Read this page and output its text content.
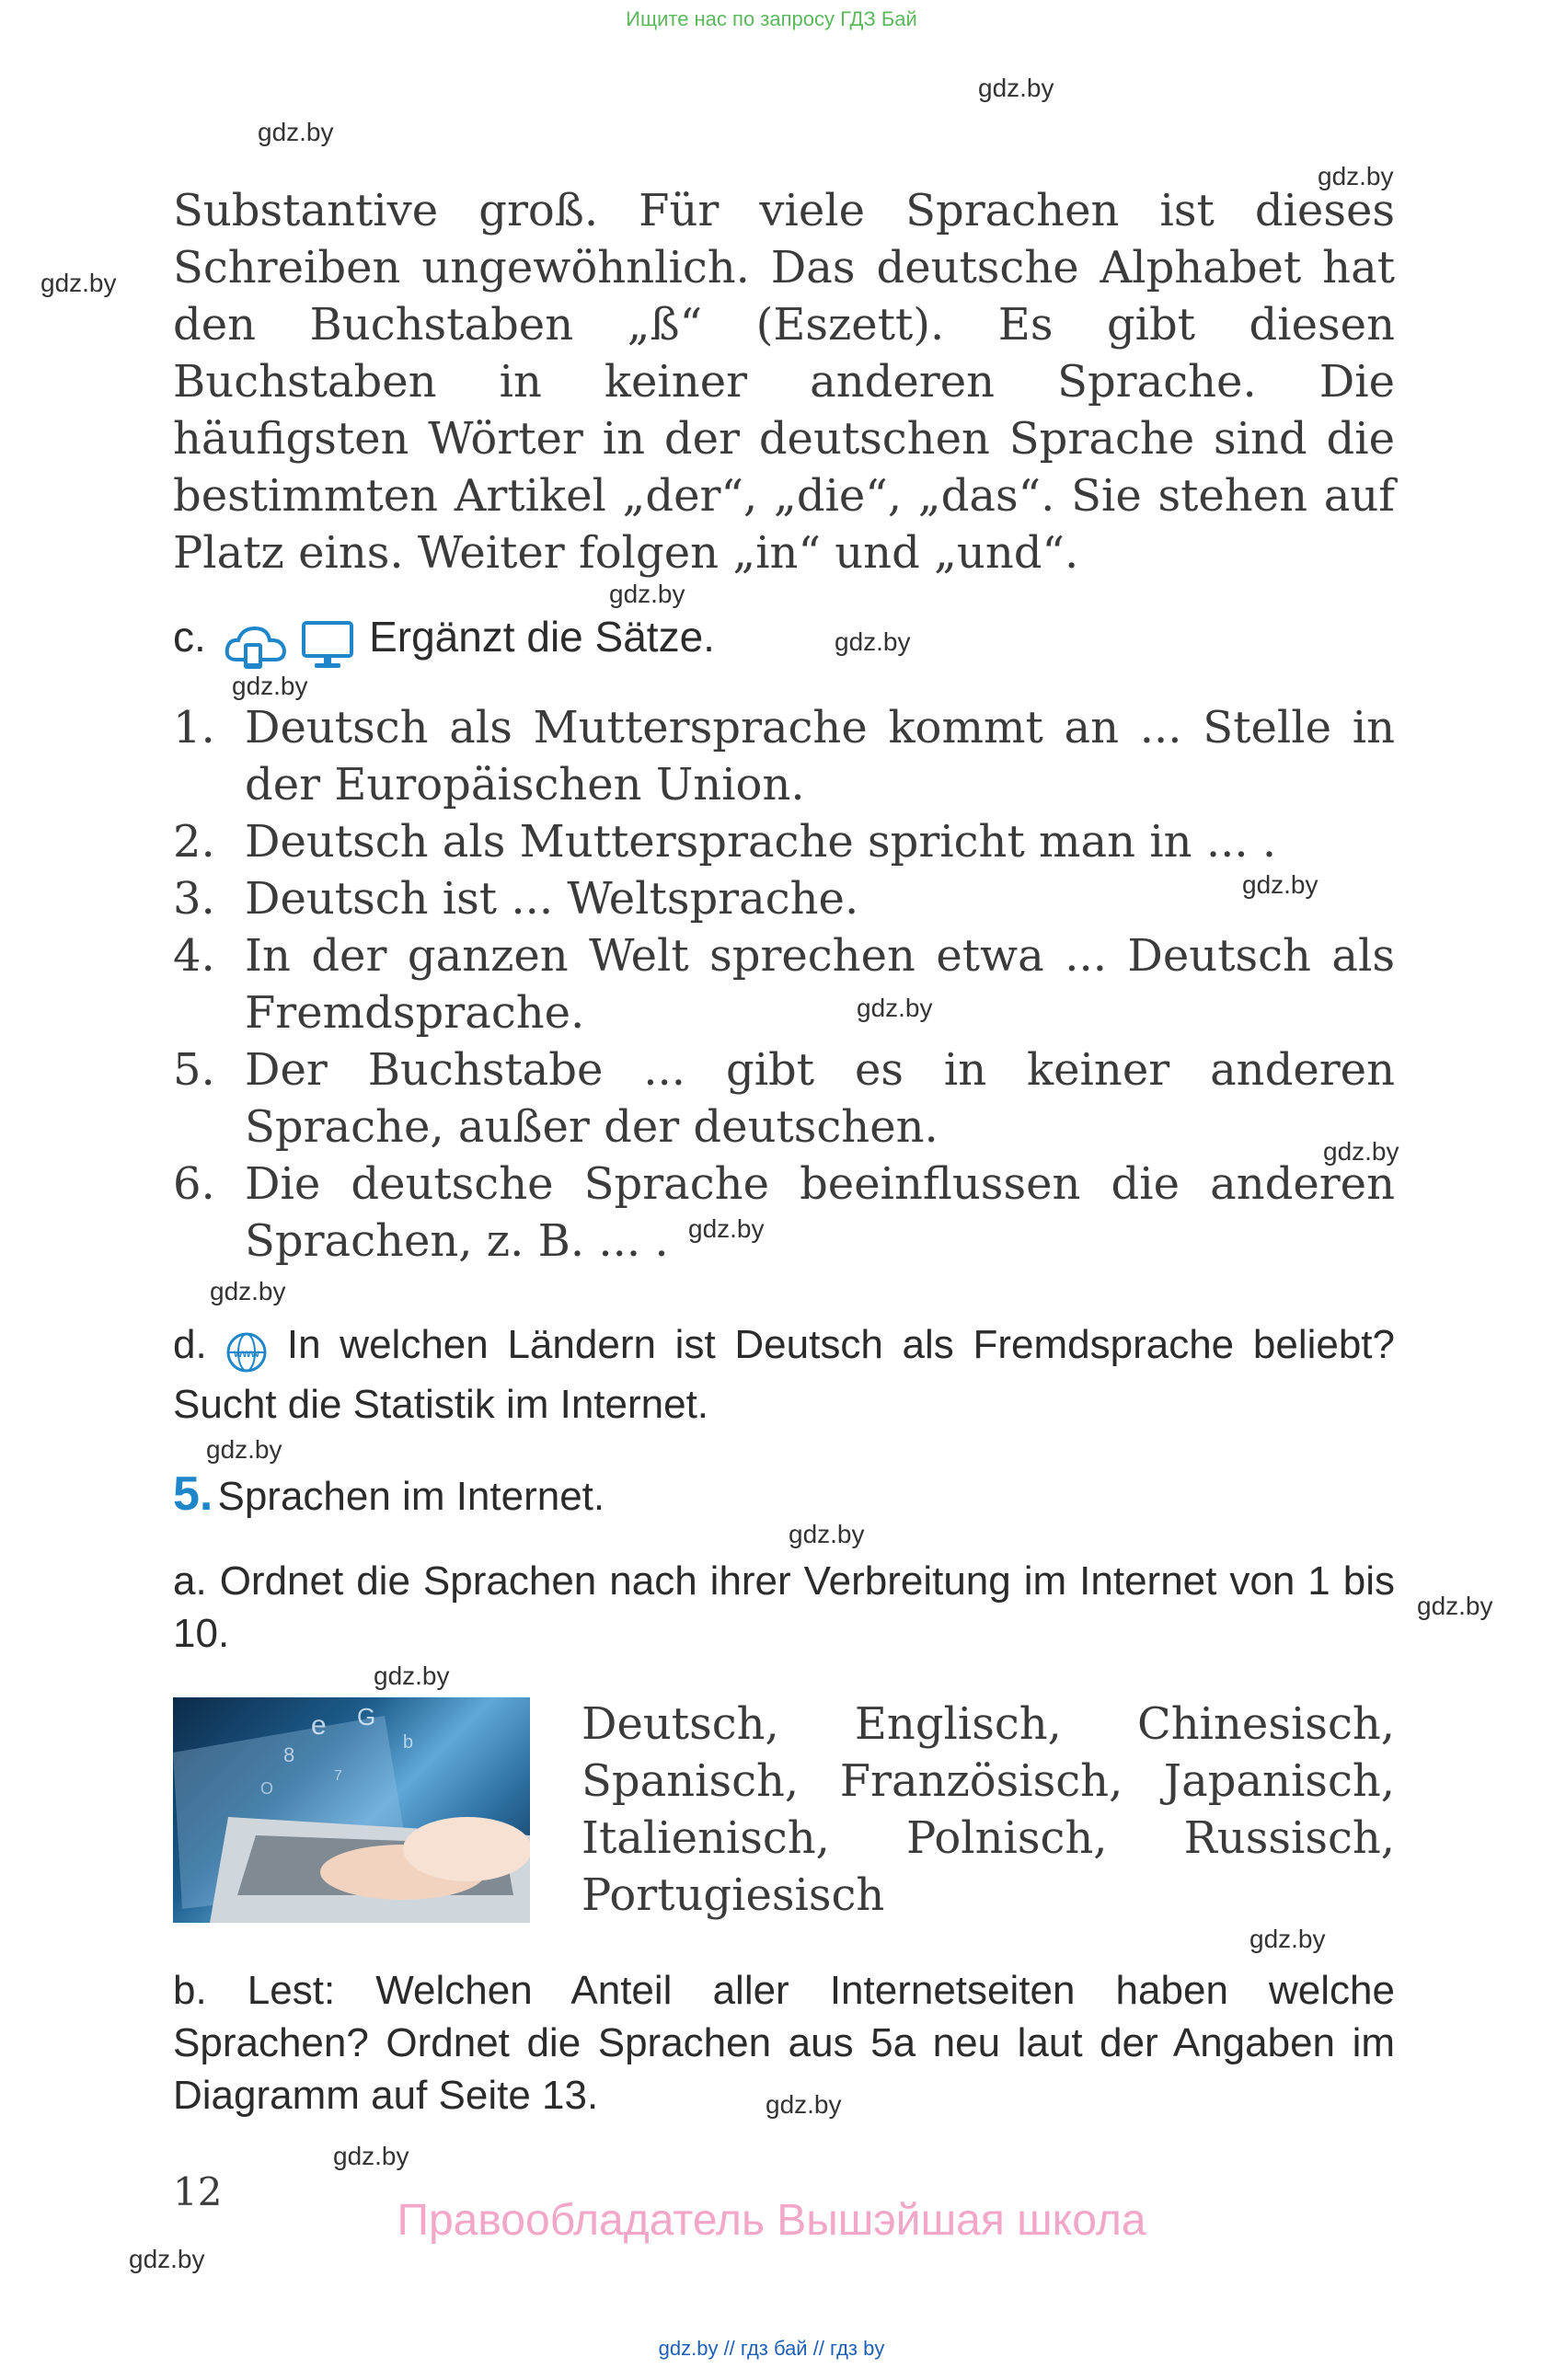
Ищите нас по запросу ГДЗ Бай
gdz.by
gdz.by
gdz.by
gdz.by
gdz.by
gdz.by
gdz.by
gdz.by
gdz.by
gdz.by
gdz.by
gdz.by
gdz.by
gdz.by
gdz.by
gdz.by
gdz.by
gdz.by
gdz.by
gdz.by
Substantive groß. Für viele Sprachen ist dieses Schreiben ungewöhnlich. Das deutsche Alphabet hat den Buchstaben „ß“ (Eszett). Es gibt diesen Buchstaben in keiner anderen Sprache. Die häufigsten Wörter in der deutschen Sprache sind die bestimmten Artikel „der“, „die“, „das“. Sie stehen auf Platz eins. Weiter folgen „in“ und „und“.
c.	Ergänzt die Sätze.
1. Deutsch als Muttersprache kommt an ... Stelle in der Europäischen Union.
2. Deutsch als Muttersprache spricht man in ... .
3. Deutsch ist ... Weltsprache.
4. In der ganzen Welt sprechen etwa ... Deutsch als Fremdsprache.
5. Der Buchstabe ... gibt es in keiner anderen Sprache, außer der deutschen.
6. Die deutsche Sprache beeinflussen die anderen Sprachen, z. B. ... .
d. www In welchen Ländern ist Deutsch als Fremdsprache beliebt? Sucht die Statistik im Internet.
5. Sprachen im Internet.
a. Ordnet die Sprachen nach ihrer Verbreitung im Internet von 1 bis 10.
e G
8
b
O
7
Deutsch, Englisch, Chinesisch, Spanisch, Französisch, Japanisch, Italienisch, Polnisch, Russisch, Portugiesisch
b. Lest: Welchen Anteil aller Internetseiten haben welche Sprachen? Ordnet die Sprachen aus 5a neu laut der Angaben im Diagramm auf Seite 13.
12
Правообладатель Вышэйшая школа
gdz.by // гдз бай // гдз by
